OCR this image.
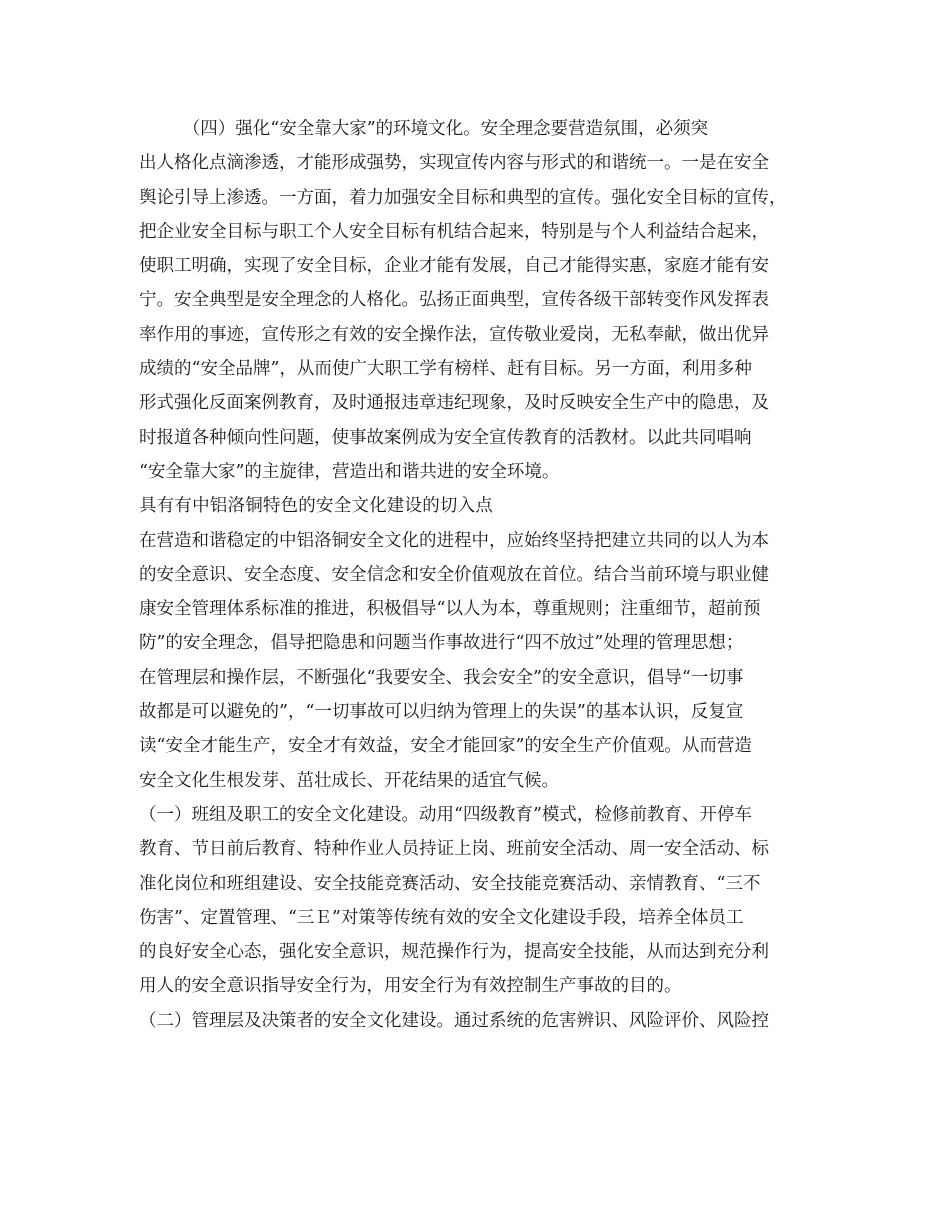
　　　（四）强化“安全靠大家”的环境文化。安全理念要营造氛围，必须突
出人格化点滴渗透，才能形成强势，实现宣传内容与形式的和谐统一。一是在安全
舆论引导上渗透。一方面，着力加强安全目标和典型的宣传。强化安全目标的宣传，
把企业安全目标与职工个人安全目标有机结合起来，特别是与个人利益结合起来，
使职工明确，实现了安全目标，企业才能有发展，自己才能得实惠，家庭才能有安
宁。安全典型是安全理念的人格化。弘扬正面典型，宣传各级干部转变作风发挥表
率作用的事迹，宣传形之有效的安全操作法，宣传敬业爱岗，无私奉献，做出优异
成绩的“安全品牌”，从而使广大职工学有榜样、赶有目标。另一方面，利用多种
形式强化反面案例教育，及时通报违章违纪现象，及时反映安全生产中的隐患，及
时报道各种倾向性问题，使事故案例成为安全宣传教育的活教材。以此共同唱响
“安全靠大家”的主旋律，营造出和谐共进的安全环境。
具有有中铝洛铜特色的安全文化建设的切入点
在营造和谐稳定的中铝洛铜安全文化的进程中，应始终坚持把建立共同的以人为本
的安全意识、安全态度、安全信念和安全价值观放在首位。结合当前环境与职业健
康安全管理体系标准的推进，积极倡导“以人为本，尊重规则；注重细节，超前预
防”的安全理念，倡导把隐患和问题当作事故进行“四不放过”处理的管理思想；
在管理层和操作层，不断强化“我要安全、我会安全”的安全意识，倡导“一切事
故都是可以避免的”，“一切事故可以归纳为管理上的失误”的基本认识，反复宣
读“安全才能生产，安全才有效益，安全才能回家”的安全生产价值观。从而营造
安全文化生根发芽、茁壮成长、开花结果的适宜气候。
（一）班组及职工的安全文化建设。动用“四级教育”模式，检修前教育、开停车
教育、节日前后教育、特种作业人员持证上岗、班前安全活动、周一安全活动、标
准化岗位和班组建设、安全技能竞赛活动、安全技能竞赛活动、亲情教育、“三不
伤害”、定置管理、“三Ｅ”对策等传统有效的安全文化建设手段，培养全体员工
的良好安全心态，强化安全意识，规范操作行为，提高安全技能，从而达到充分利
用人的安全意识指导安全行为，用安全行为有效控制生产事故的目的。
（二）管理层及决策者的安全文化建设。通过系统的危害辨识、风险评价、风险控
